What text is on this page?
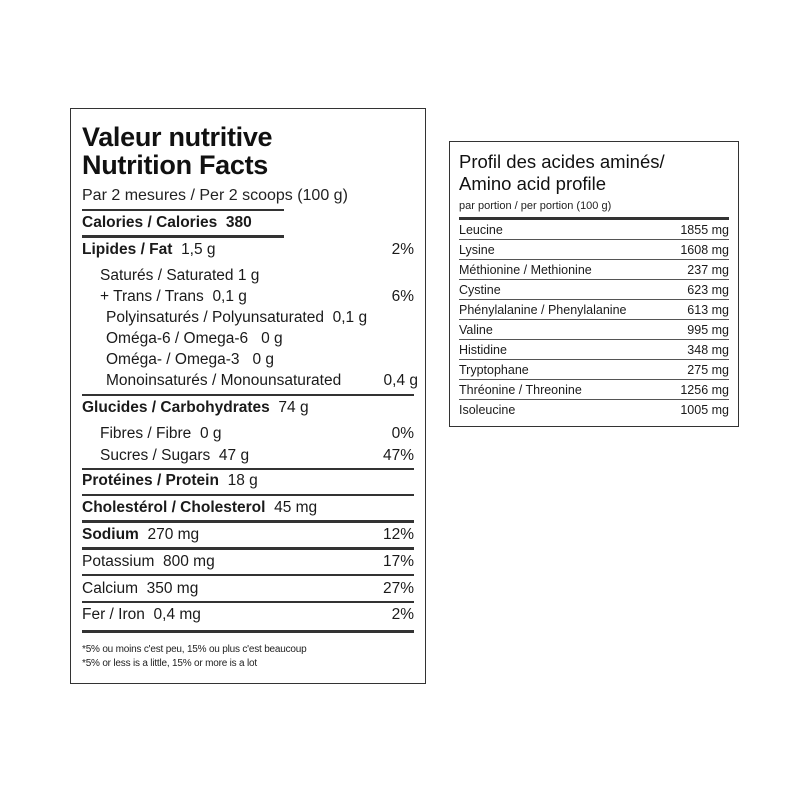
Valeur nutritive
Nutrition Facts
Par 2 mesures / Per 2 scoops (100 g)
Calories / Calories 380
Lipides / Fat 1,5 g	2%
Saturés / Saturated 1 g
+ Trans / Trans 0,1 g	6%
Polyinsaturés / Polyunsaturated 0,1 g
Oméga-6 / Omega-6 0 g
Oméga- / Omega-3 0 g
Monoinsaturés / Monounsaturated	0,4 g
Glucides / Carbohydrates 74 g
Fibres / Fibre 0 g	0%
Sucres / Sugars 47 g	47%
Protéines / Protein 18 g
Cholestérol / Cholesterol 45 mg
Sodium 270 mg	12%
Potassium 800 mg	17%
Calcium 350 mg	27%
Fer / Iron 0,4 mg	2%
*5% ou moins c'est peu, 15% ou plus c'est beaucoup
*5% or less is a little, 15% or more is a lot
Profil des acides aminés/
Amino acid profile
par portion / per portion (100 g)
Leucine	1855 mg
Lysine	1608 mg
Méthionine / Methionine	237 mg
Cystine	623 mg
Phénylalanine / Phenylalanine	613 mg
Valine	995 mg
Histidine	348 mg
Tryptophane	275 mg
Thréonine / Threonine	1256 mg
Isoleucine	1005 mg
